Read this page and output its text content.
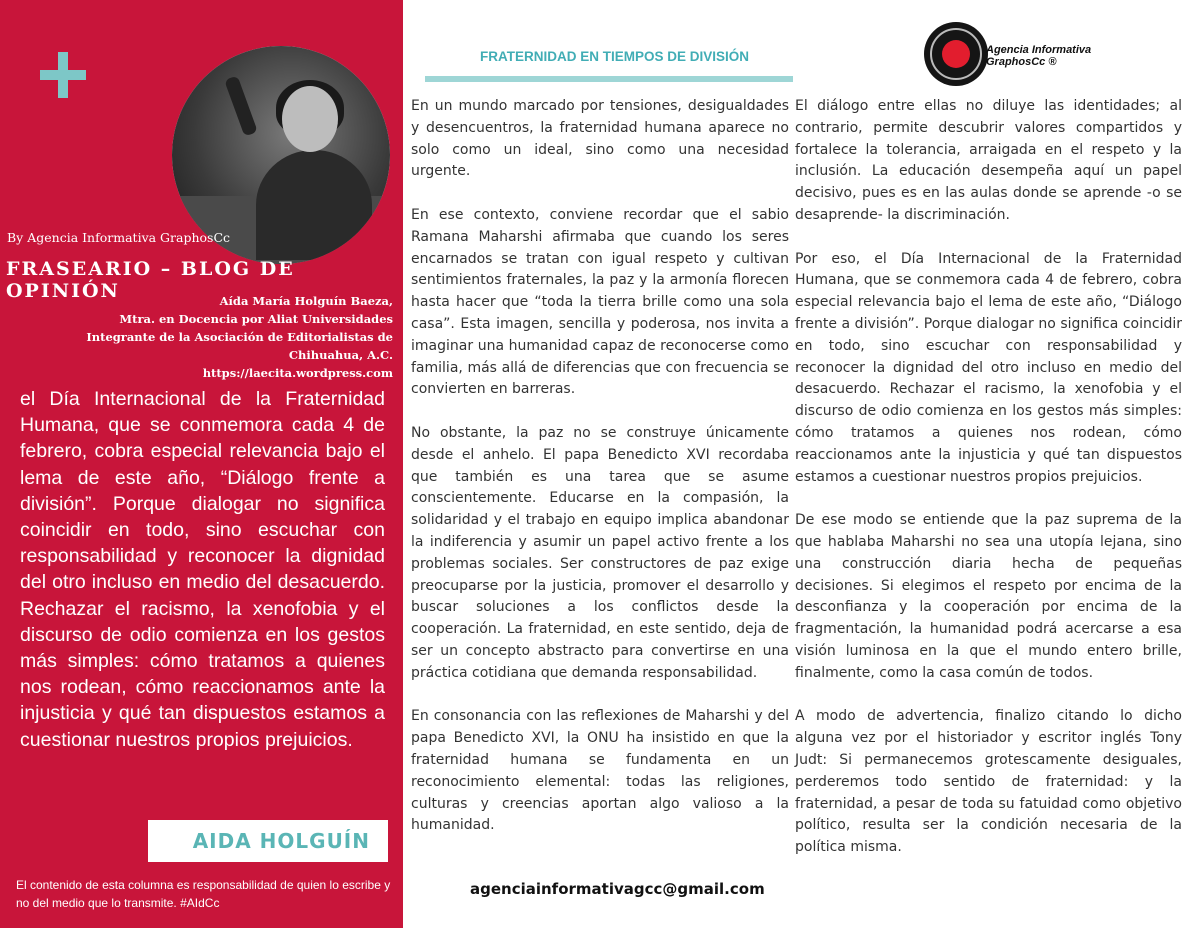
By Agencia Informativa GraphosCc
FRASEARIO – BLOG DE OPINIÓN	Aída María Holguín Baeza,
Mtra. en Docencia por Aliat Universidades
Integrante de la Asociación de Editorialistas de
Chihuahua, A.C.
https://laecita.wordpress.com
el Día Internacional de la Fraternidad Humana, que se conmemora cada 4 de febrero, cobra especial relevancia bajo el lema de este año, “Diálogo frente a división”. Porque dialogar no significa coincidir en todo, sino escuchar con responsabilidad y reconocer la dignidad del otro incluso en medio del desacuerdo. Rechazar el racismo, la xenofobia y el discurso de odio comienza en los gestos más simples: cómo tratamos a quienes nos rodean, cómo reaccionamos ante la injusticia y qué tan dispuestos estamos a cuestionar nuestros propios prejuicios.
AIDA HOLGUÍN
El contenido de esta columna es responsabilidad de quien lo escribe y no del medio que lo transmite. #AIdCc
FRATERNIDAD EN TIEMPOS DE DIVISIÓN	Agencia Informativa
GraphosCc ®

En un mundo marcado por tensiones, desigualdades y desencuentros, la fraternidad humana aparece no solo como un ideal, sino como una necesidad urgente.

En ese contexto, conviene recordar que el sabio Ramana Maharshi afirmaba que cuando los seres encarnados se tratan con igual respeto y cultivan sentimientos fraternales, la paz y la armonía florecen hasta hacer que “toda la tierra brille como una sola casa”. Esta imagen, sencilla y poderosa, nos invita a imaginar una humanidad capaz de reconocerse como familia, más allá de diferencias que con frecuencia se convierten en barreras.

No obstante, la paz no se construye únicamente desde el anhelo. El papa Benedicto XVI recordaba que también es una tarea que se asume conscientemente. Educarse en la compasión, la solidaridad y el trabajo en equipo implica abandonar la indiferencia y asumir un papel activo frente a los problemas sociales. Ser constructores de paz exige preocuparse por la justicia, promover el desarrollo y buscar soluciones a los conflictos desde la cooperación. La fraternidad, en este sentido, deja de ser un concepto abstracto para convertirse en una práctica cotidiana que demanda responsabilidad.

En consonancia con las reflexiones de Maharshi y del papa Benedicto XVI, la ONU ha insistido en que la fraternidad humana se fundamenta en un reconocimiento elemental: todas las religiones, culturas y creencias aportan algo valioso a la humanidad.

El diálogo entre ellas no diluye las identidades; al contrario, permite descubrir valores compartidos y fortalece la tolerancia, arraigada en el respeto y la inclusión. La educación desempeña aquí un papel decisivo, pues es en las aulas donde se aprende -o se desaprende- la discriminación.

Por eso, el Día Internacional de la Fraternidad Humana, que se conmemora cada 4 de febrero, cobra especial relevancia bajo el lema de este año, “Diálogo frente a división”. Porque dialogar no significa coincidir en todo, sino escuchar con responsabilidad y reconocer la dignidad del otro incluso en medio del desacuerdo. Rechazar el racismo, la xenofobia y el discurso de odio comienza en los gestos más simples: cómo tratamos a quienes nos rodean, cómo reaccionamos ante la injusticia y qué tan dispuestos estamos a cuestionar nuestros propios prejuicios.

De ese modo se entiende que la paz suprema de la que hablaba Maharshi no sea una utopía lejana, sino una construcción diaria hecha de pequeñas decisiones. Si elegimos el respeto por encima de la desconfianza y la cooperación por encima de la fragmentación, la humanidad podrá acercarse a esa visión luminosa en la que el mundo entero brille, finalmente, como la casa común de todos.

A modo de advertencia, finalizo citando lo dicho alguna vez por el historiador y escritor inglés Tony Judt: Si permanecemos grotescamente desiguales, perderemos todo sentido de fraternidad: y la fraternidad, a pesar de toda su fatuidad como objetivo político, resulta ser la condición necesaria de la política misma.

agenciainformativagcc@gmail.com
